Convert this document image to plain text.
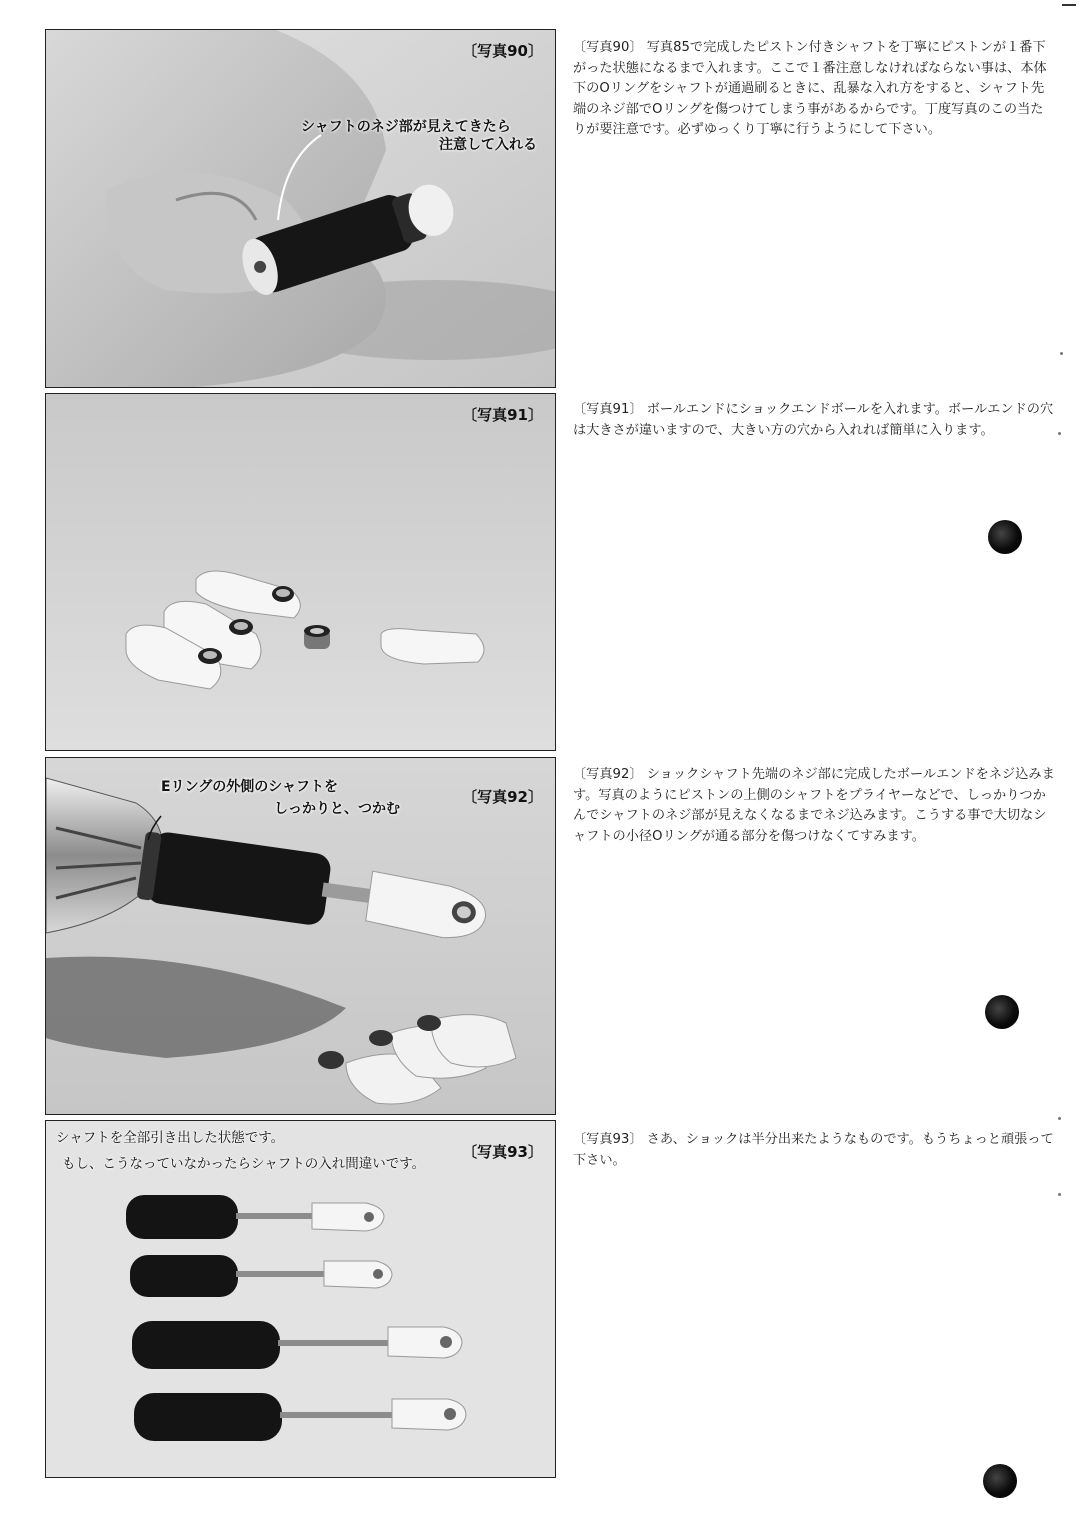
〔写真90〕
シャフトのネジ部が見えてきたら
注意して入れる
〔写真91〕
〔写真92〕
Eリングの外側のシャフトを
しっかりと、つかむ
〔写真93〕
シャフトを全部引き出した状態です。
もし、こうなっていなかったらシャフトの入れ間違いです。
〔写真90〕 写真85で完成したピストン付きシャフトを丁寧にピストンが１番下がった状態になるまで入れます。ここで１番注意しなければならない事は、本体下のOリングをシャフトが通過刷るときに、乱暴な入れ方をすると、シャフト先端のネジ部でOリングを傷つけてしまう事があるからです。丁度写真のこの当たりが要注意です。必ずゆっくり丁寧に行うようにして下さい。
〔写真91〕 ボールエンドにショックエンドボールを入れます。ボールエンドの穴は大きさが違いますので、大きい方の穴から入れれば簡単に入ります。
〔写真92〕 ショックシャフト先端のネジ部に完成したボールエンドをネジ込みます。写真のようにピストンの上側のシャフトをプライヤーなどで、しっかりつかんでシャフトのネジ部が見えなくなるまでネジ込みます。こうする事で大切なシャフトの小径Oリングが通る部分を傷つけなくてすみます。
〔写真93〕 さあ、ショックは半分出来たようなものです。もうちょっと頑張って下さい。
